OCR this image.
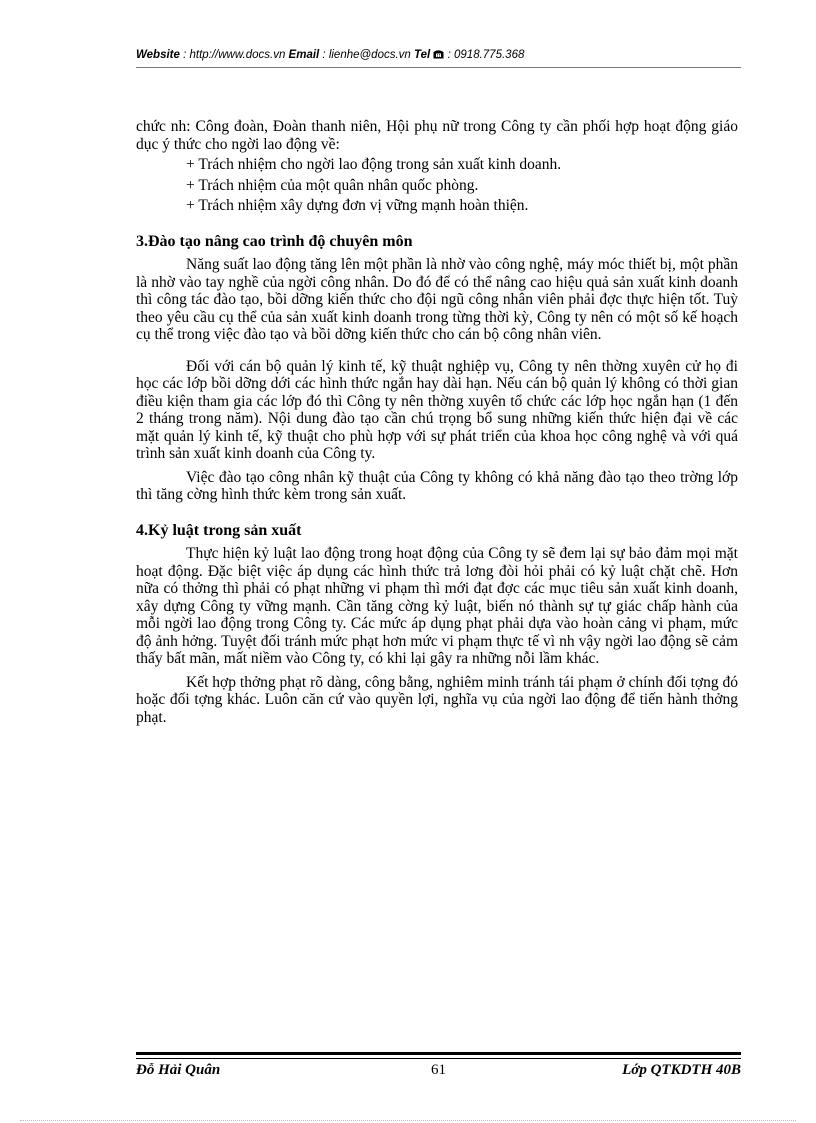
Website : http://www.docs.vn Email : lienhe@docs.vn Tel  : 0918.775.368

chức nh: Công đoàn, Đoàn thanh niên, Hội phụ nữ trong Công ty cần phối hợp hoạt động giáo dục ý thức cho ngời lao động về:

+ Trách nhiệm cho ngời lao động trong sản xuất kinh doanh.

+ Trách nhiệm của một quân nhân quốc phòng.

+ Trách nhiệm xây dựng đơn vị vững mạnh hoàn thiện.

3.Đào tạo nâng cao trình độ chuyên môn

Năng suất lao động tăng lên một phần là nhờ vào công nghệ, máy móc thiết bị, một phần là nhờ vào tay nghề của ngời công nhân. Do đó để có thể nâng cao hiệu quả sản xuất kinh doanh thì công tác đào tạo, bồi dỡng kiến thức cho đội ngũ công nhân viên phải đợc thực hiện tốt. Tuỳ theo yêu cầu cụ thể của sản xuất kinh doanh trong từng thời kỳ, Công ty nên có một số kế hoạch cụ thể trong việc đào tạo và bồi dỡng kiến thức cho cán bộ công nhân viên.

Đối với cán bộ quản lý kinh tế, kỹ thuật nghiệp vụ, Công ty nên thờng xuyên cử họ đi học các lớp bồi dỡng dới các hình thức ngắn hay dài hạn. Nếu cán bộ quản lý không có thời gian điều kiện tham gia các lớp đó thì Công ty nên thờng xuyên tổ chức các lớp học ngắn hạn (1 đến 2 tháng trong năm). Nội dung đào tạo cần chú trọng bổ sung những kiến thức hiện đại về các mặt quản lý kinh tế, kỹ thuật cho phù hợp với sự phát triển của khoa học công nghệ và với quá trình sản xuất kinh doanh của Công ty.

Việc đào tạo công nhân kỹ thuật của Công ty không có khả năng đào tạo theo trờng lớp thì tăng cờng hình thức kèm trong sản xuất.

4.Kỷ luật trong sản xuất

Thực hiện kỷ luật lao động trong hoạt động của Công ty sẽ đem lại sự bảo đảm mọi mặt hoạt động. Đặc biệt việc áp dụng các hình thức trả lơng đòi hỏi phải có kỷ luật chặt chẽ. Hơn nữa có thởng thì phải có phạt những vi phạm thì mới đạt đợc các mục tiêu sản xuất kinh doanh, xây dựng Công ty vững mạnh. Cần tăng cờng kỷ luật, biến nó thành sự tự giác chấp hành của mỗi ngời lao động trong Công ty. Các mức áp dụng phạt phải dựa vào hoàn cảng vi phạm, mức độ ảnh hởng. Tuyệt đối tránh mức phạt hơn mức vi phạm thực tế vì nh vậy ngời lao động sẽ cảm thấy bất mãn, mất niềm vào Công ty, có khi lại gây ra những nỗi lầm khác.

Kết hợp thởng phạt rõ dàng, công bằng, nghiêm minh tránh tái phạm ở chính đối tợng đó hoặc đối tợng khác. Luôn căn cứ vào quyền lợi, nghĩa vụ của ngời lao động để tiến hành thởng phạt.

Đỗ Hải Quân	61	Lớp QTKDTH 40B
